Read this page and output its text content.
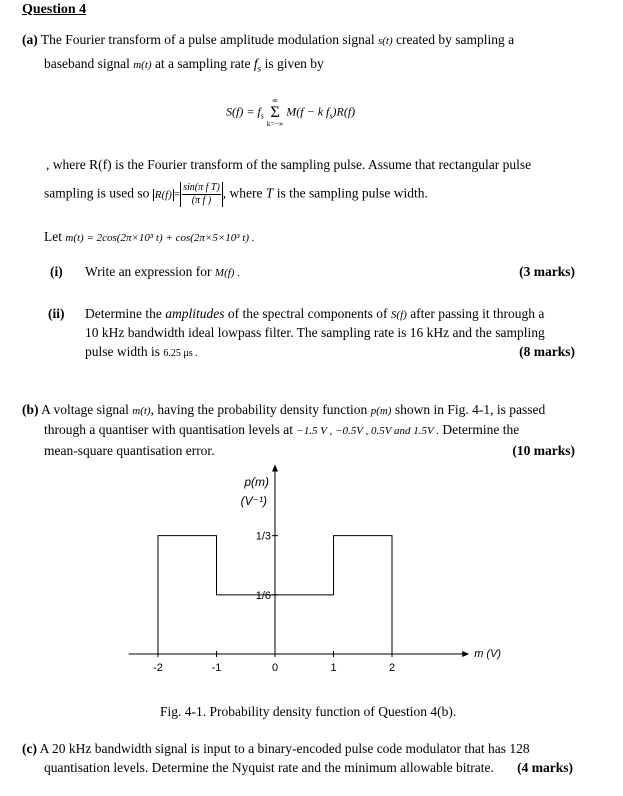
Question 4
(a) The Fourier transform of a pulse amplitude modulation signal s(t) created by sampling a
baseband signal m(t) at a sampling rate $f_s$ is given by
$S(f) = f_s$
∞
Σ
k=−∞
M(f − k $f_s)R(f)$
, where R(f) is the Fourier transform of the sampling pulse. Assume that rectangular pulse
sampling is used so $R(f) = \frac{\text{sin(π f T)}}{\text{(π f )}}$ , where T is the sampling pulse width.
Let m(t) = 2cos(2π×10³ t) + cos(2π×5×10³ t) .
(i) Write an expression for M(f) .	(3 marks)
(ii) Determine the amplitudes of the spectral components of S(f) after passing it through a
10 kHz bandwidth ideal lowpass filter. The sampling rate is 16 kHz and the sampling
pulse width is 6.25 μs .	(8 marks)
(b) A voltage signal m(t), having the probability density function p(m) shown in Fig. 4-1, is passed
through a quantiser with quantisation levels at −1.5 V , −0.5V , 0.5V and 1.5V . Determine the
mean-square quantisation error.	(10 marks)
-2	-1	0	1	2
1/3
1/6
p(m)
(V⁻¹)
m (V)
Fig. 4-1. Probability density function of Question 4(b).
(c) A 20 kHz bandwidth signal is input to a binary-encoded pulse code modulator that has 128
quantisation levels. Determine the Nyquist rate and the minimum allowable bitrate. (4 marks)
